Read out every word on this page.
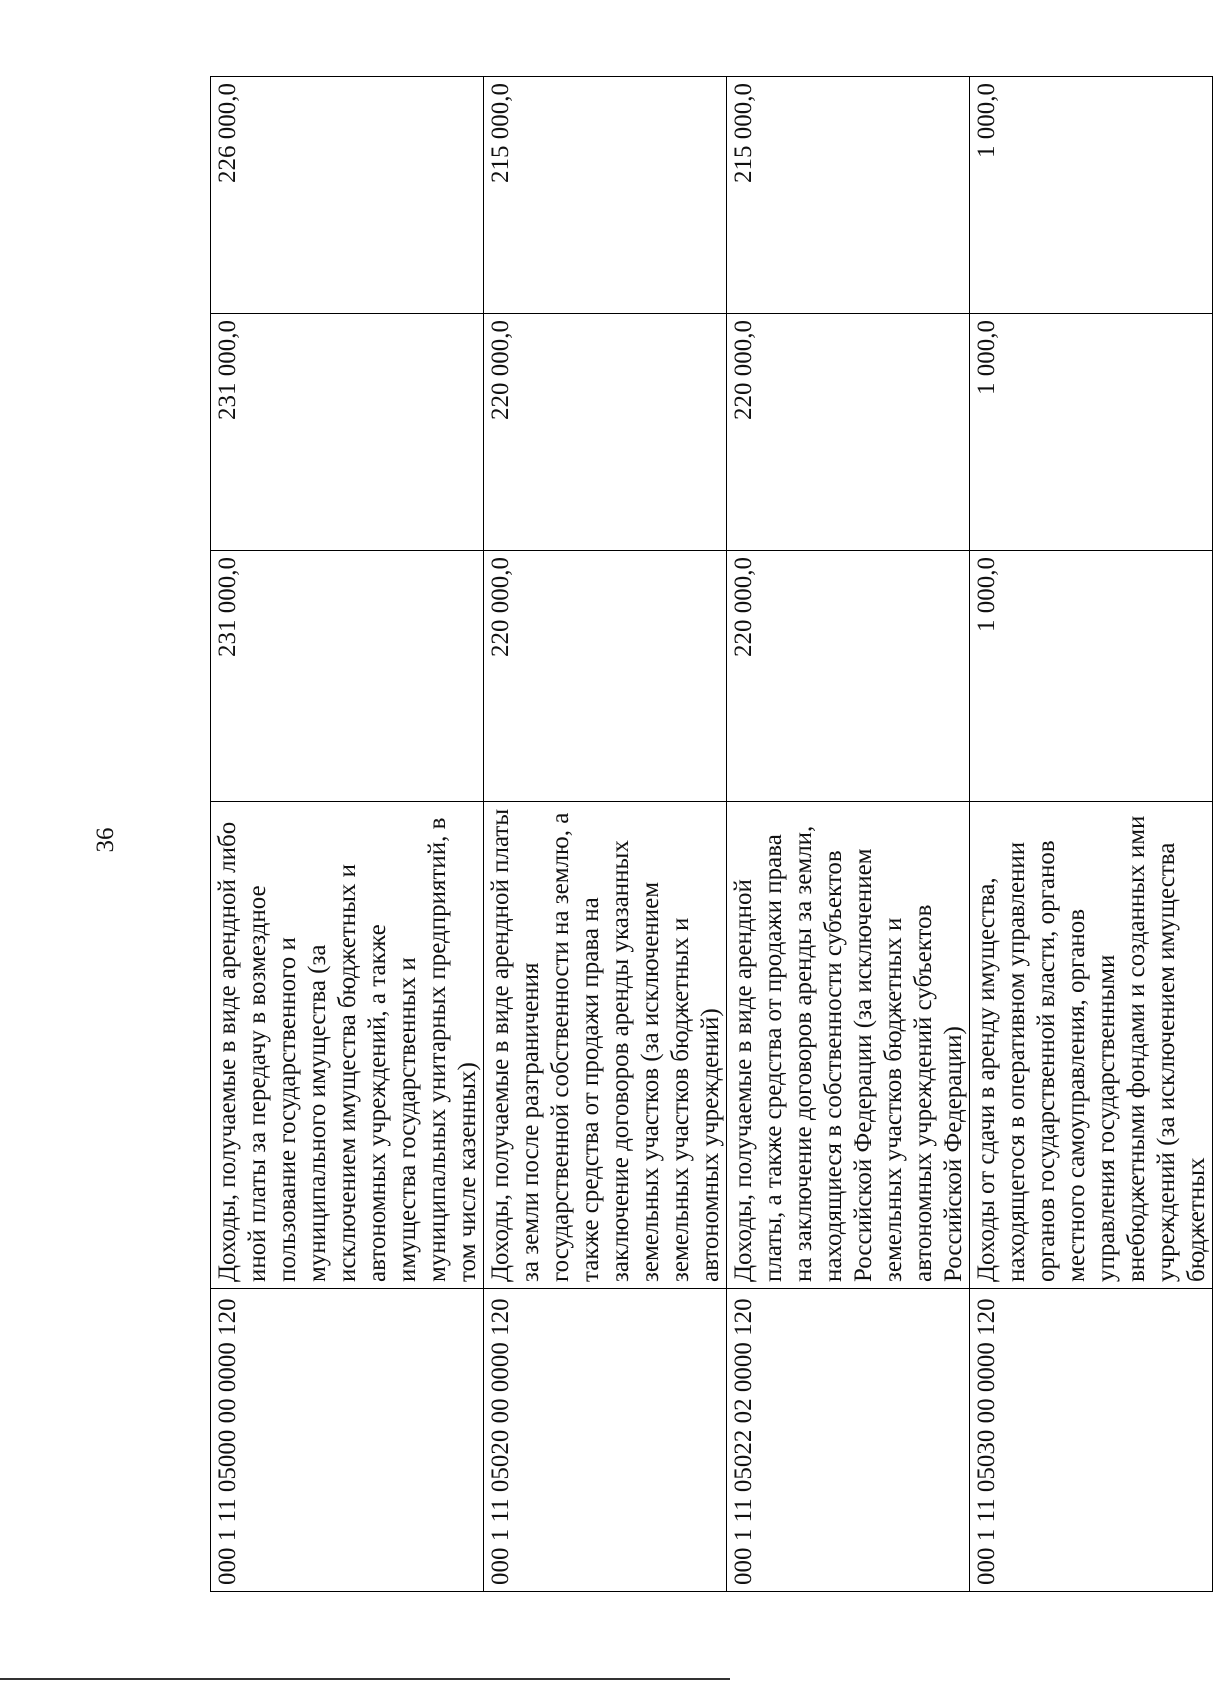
36
000 1 11 05000 00 0000 120	Доходы, получаемые в виде арендной либо иной платы за передачу в возмездное пользование государственного и муниципального имущества (за исключением имущества бюджетных и автономных учреждений, а также имущества государственных и муниципальных унитарных предприятий, в том числе казенных)	231 000,0	231 000,0	226 000,0
000 1 11 05020 00 0000 120	Доходы, получаемые в виде арендной платы за земли после разграничения государственной собственности на землю, а также средства от продажи права на заключение договоров аренды указанных земельных участков (за исключением земельных участков бюджетных и автономных учреждений)	220 000,0	220 000,0	215 000,0
000 1 11 05022 02 0000 120	Доходы, получаемые в виде арендной платы, а также средства от продажи права на заключение договоров аренды за земли, находящиеся в собственности субъектов Российской Федерации (за исключением земельных участков бюджетных и автономных учреждений субъектов Российской Федерации)	220 000,0	220 000,0	215 000,0
000 1 11 05030 00 0000 120	Доходы от сдачи в аренду имущества, находящегося в оперативном управлении органов государственной власти, органов местного самоуправления, органов управления государственными внебюджетными фондами и созданных ими учреждений (за исключением имущества бюджетных	1 000,0	1 000,0	1 000,0
